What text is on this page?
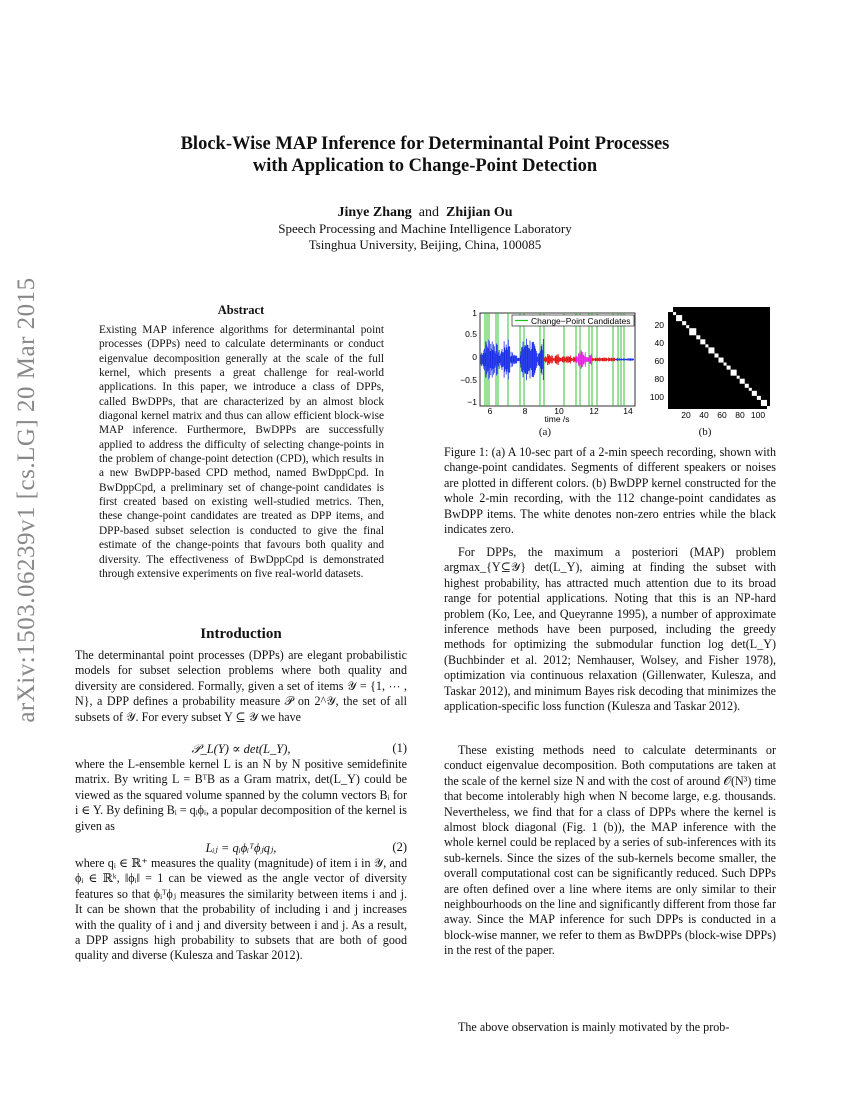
arXiv:1503.06239v1 [cs.LG] 20 Mar 2015
Block-Wise MAP Inference for Determinantal Point Processes
with Application to Change-Point Detection
Jinye Zhang and Zhijian Ou
Speech Processing and Machine Intelligence Laboratory
Tsinghua University, Beijing, China, 100085
Abstract
Existing MAP inference algorithms for determinantal point processes (DPPs) need to calculate determinants or conduct eigenvalue decomposition generally at the scale of the full kernel, which presents a great challenge for real-world applications. In this paper, we introduce a class of DPPs, called BwDPPs, that are characterized by an almost block diagonal kernel matrix and thus can allow efficient block-wise MAP inference. Furthermore, BwDPPs are successfully applied to address the difficulty of selecting change-points in the problem of change-point detection (CPD), which results in a new BwDPP-based CPD method, named BwDppCpd. In BwDppCpd, a preliminary set of change-point candidates is first created based on existing well-studied metrics. Then, these change-point candidates are treated as DPP items, and DPP-based subset selection is conducted to give the final estimate of the change-points that favours both quality and diversity. The effectiveness of BwDppCpd is demonstrated through extensive experiments on five real-world datasets.
Introduction

The determinantal point processes (DPPs) are elegant probabilistic models for subset selection problems where both quality and diversity are considered. Formally, given a set of items 𝒴 = {1, ⋯ , N}, a DPP defines a probability measure 𝒫 on 2^𝒴, the set of all subsets of 𝒴. For every subset Y ⊆ 𝒴 we have

𝒫_L(Y) ∝ det(L_Y),	(1)

where the L-ensemble kernel L is an N by N positive semidefinite matrix. By writing L = BᵀB as a Gram matrix, det(L_Y) could be viewed as the squared volume spanned by the column vectors Bᵢ for i ∈ Y. By defining Bᵢ = qᵢϕᵢ, a popular decomposition of the kernel is given as

Lᵢⱼ = qᵢϕᵢᵀϕⱼqⱼ,	(2)

where qᵢ ∈ ℝ⁺ measures the quality (magnitude) of item i in 𝒴, and ϕᵢ ∈ ℝᵏ, ‖ϕᵢ‖ = 1 can be viewed as the angle vector of diversity features so that ϕᵢᵀϕⱼ measures the similarity between items i and j. It can be shown that the probability of including i and j increases with the quality of i and j and diversity between i and j. As a result, a DPP assigns high probability to subsets that are both of good quality and diverse (Kulesza and Taskar 2012).

Change−Point Candidates
1
0.5
0
−0.5
−1
6	8	10	12	14
time /s
(a)
20
40
60
80
100
20 40 60 80 100
(b)
Figure 1: (a) A 10-sec part of a 2-min speech recording, shown with change-point candidates. Segments of different speakers or noises are plotted in different colors. (b) BwDPP kernel constructed for the whole 2-min recording, with the 112 change-point candidates as BwDPP items. The white denotes non-zero entries while the black indicates zero.

For DPPs, the maximum a posteriori (MAP) problem argmax_{Y⊆𝒴} det(L_Y), aiming at finding the subset with highest probability, has attracted much attention due to its broad range for potential applications. Noting that this is an NP-hard problem (Ko, Lee, and Queyranne 1995), a number of approximate inference methods have been purposed, including the greedy methods for optimizing the submodular function log det(L_Y) (Buchbinder et al. 2012; Nemhauser, Wolsey, and Fisher 1978), optimization via continuous relaxation (Gillenwater, Kulesza, and Taskar 2012), and minimum Bayes risk decoding that minimizes the application-specific loss function (Kulesza and Taskar 2012).

These existing methods need to calculate determinants or conduct eigenvalue decomposition. Both computations are taken at the scale of the kernel size N and with the cost of around 𝒪(N³) time that become intolerably high when N become large, e.g. thousands. Nevertheless, we find that for a class of DPPs where the kernel is almost block diagonal (Fig. 1 (b)), the MAP inference with the whole kernel could be replaced by a series of sub-inferences with its sub-kernels. Since the sizes of the sub-kernels become smaller, the overall computational cost can be significantly reduced. Such DPPs are often defined over a line where items are only similar to their neighbourhoods on the line and significantly different from those far away. Since the MAP inference for such DPPs is conducted in a block-wise manner, we refer to them as BwDPPs (block-wise DPPs) in the rest of the paper.

The above observation is mainly motivated by the prob-
